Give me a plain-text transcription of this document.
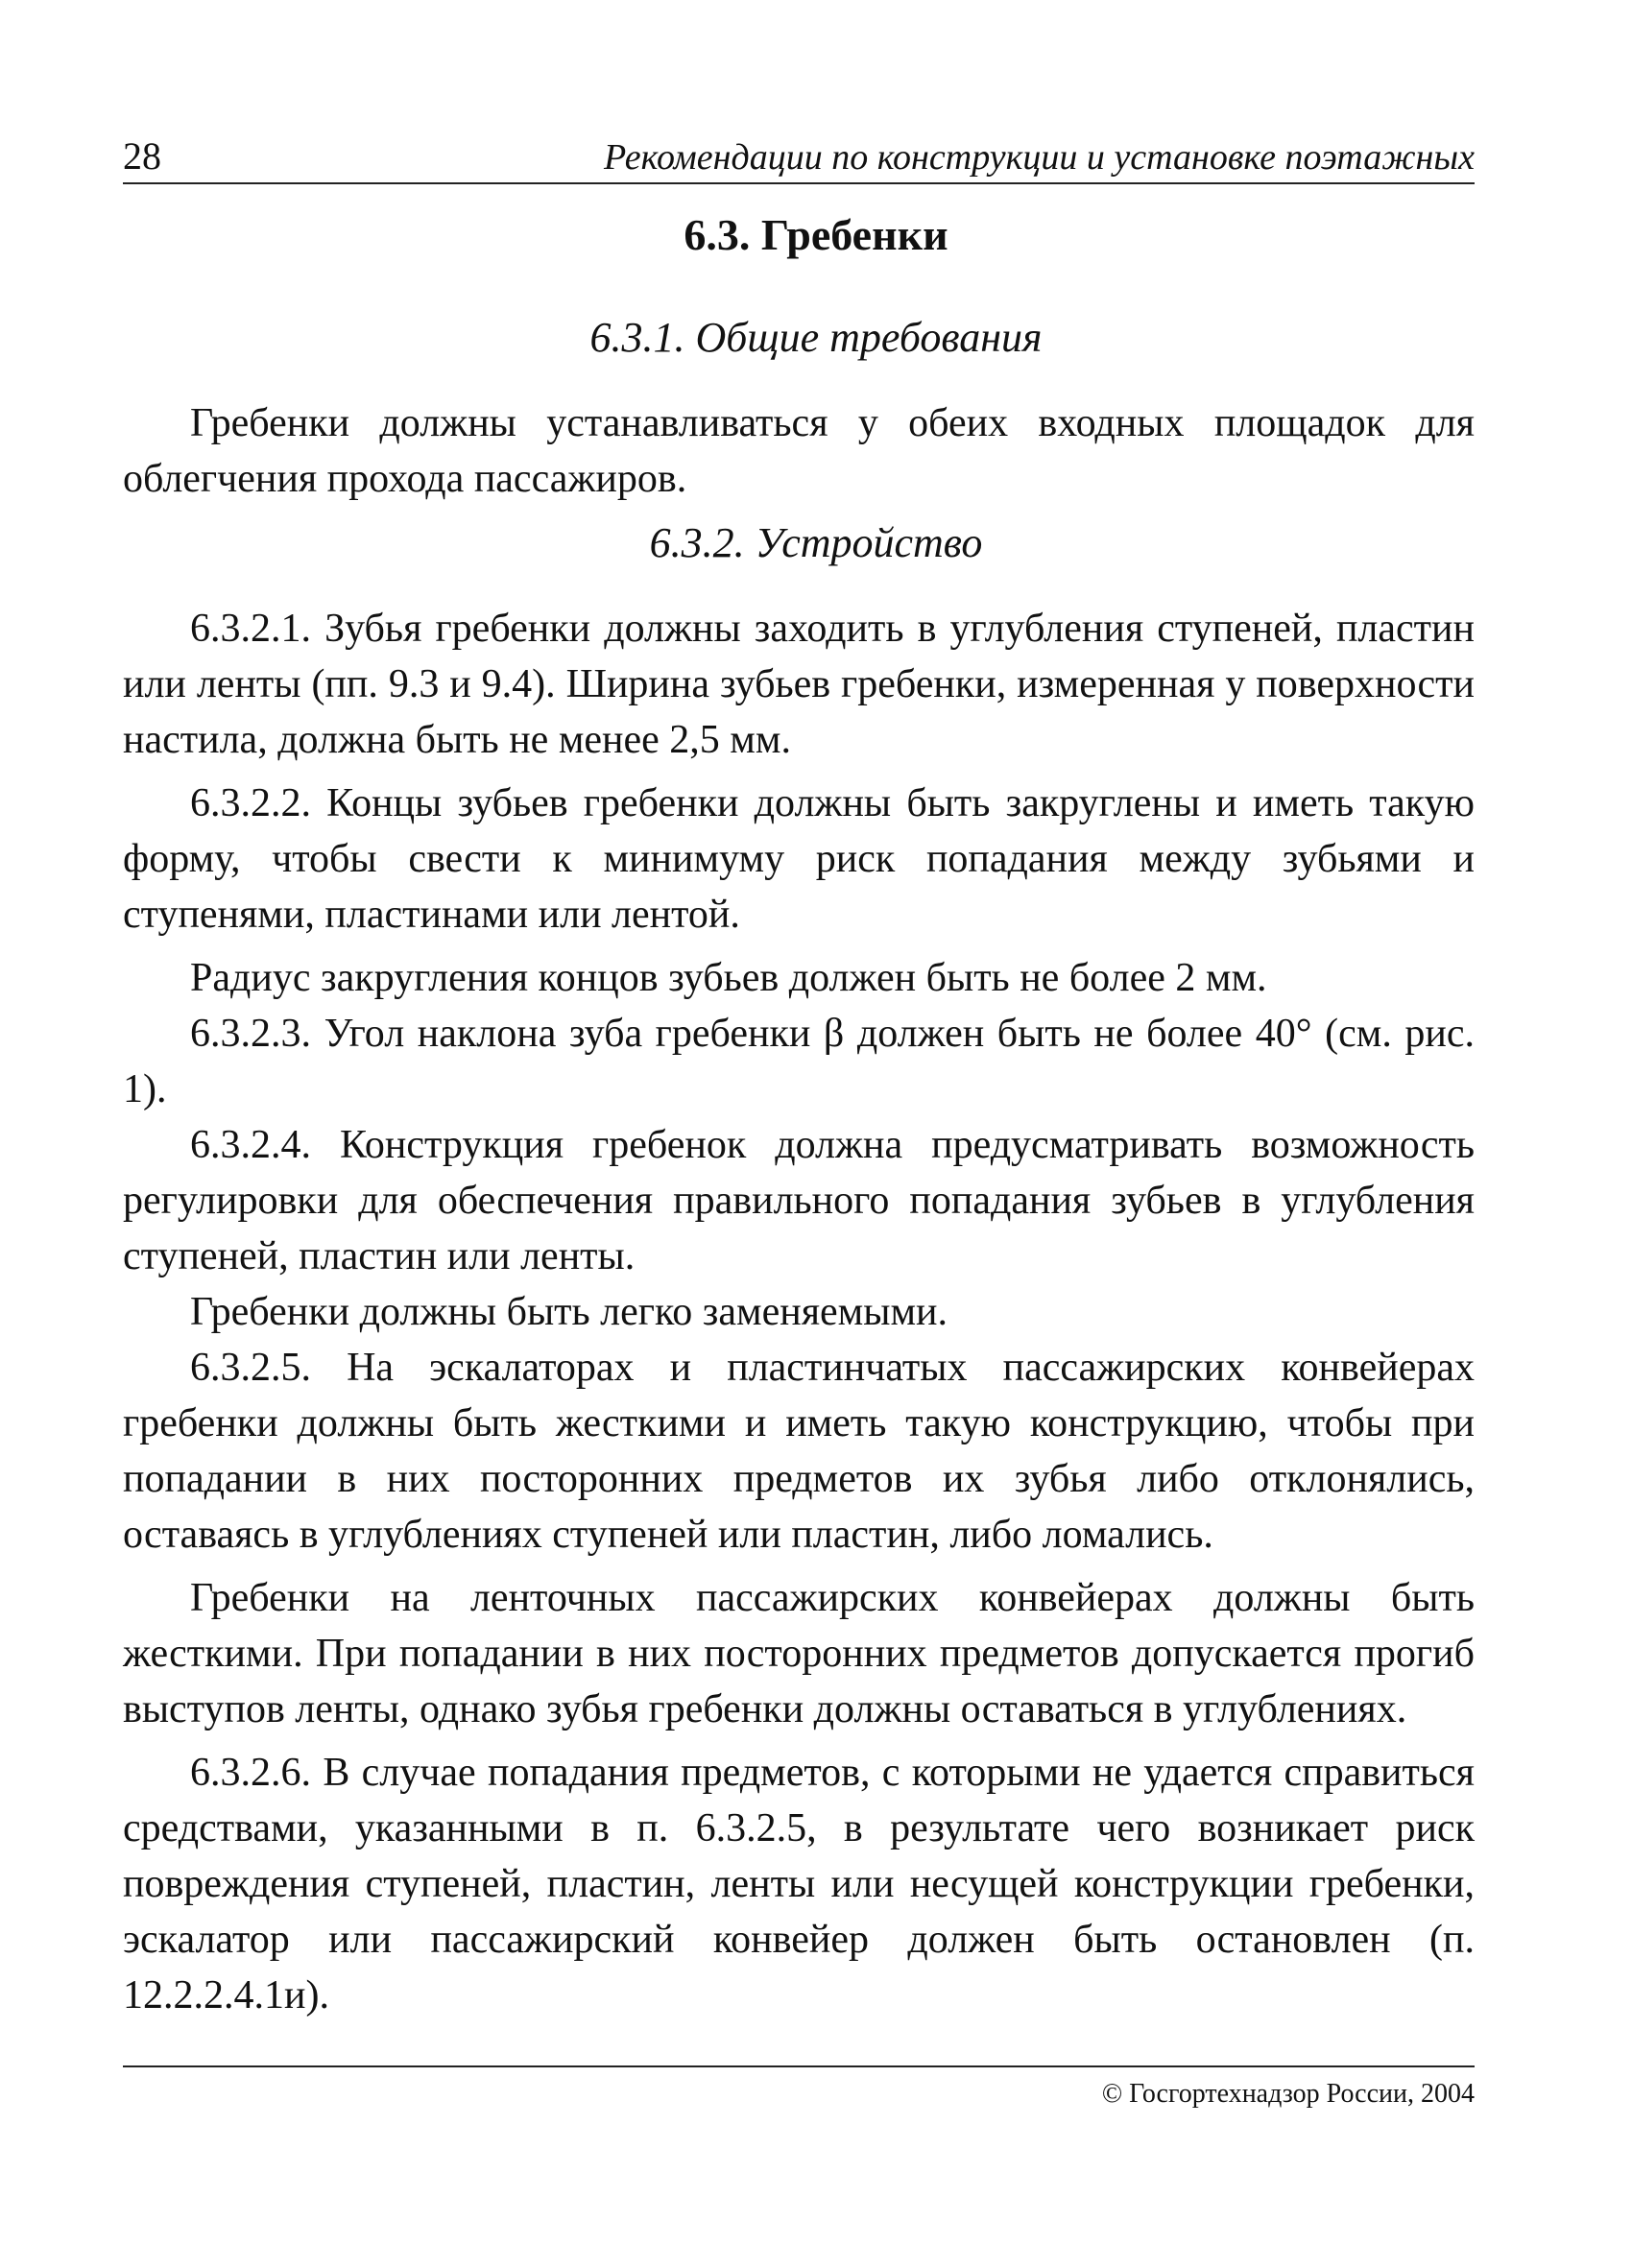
28	Рекомендации по конструкции и установке поэтажных
6.3. Гребенки
6.3.1. Общие требования

Гребенки должны устанавливаться у обеих входных площадок для облегчения прохода пассажиров.

6.3.2. Устройство

6.3.2.1. Зубья гребенки должны заходить в углубления ступеней, пластин или ленты (пп. 9.3 и 9.4). Ширина зубьев гребенки, измеренная у поверхности настила, должна быть не менее 2,5 мм.

6.3.2.2. Концы зубьев гребенки должны быть закруглены и иметь такую форму, чтобы свести к минимуму риск попадания между зубьями и ступенями, пластинами или лентой.

Радиус закругления концов зубьев должен быть не более 2 мм.

6.3.2.3. Угол наклона зуба гребенки β должен быть не более 40° (см. рис. 1).

6.3.2.4. Конструкция гребенок должна предусматривать возможность регулировки для обеспечения правильного попадания зубьев в углубления ступеней, пластин или ленты.

Гребенки должны быть легко заменяемыми.

6.3.2.5. На эскалаторах и пластинчатых пассажирских конвейерах гребенки должны быть жесткими и иметь такую конструкцию, чтобы при попадании в них посторонних предметов их зубья либо отклонялись, оставаясь в углублениях ступеней или пластин, либо ломались.

Гребенки на ленточных пассажирских конвейерах должны быть жесткими. При попадании в них посторонних предметов допускается прогиб выступов ленты, однако зубья гребенки должны оставаться в углублениях.

6.3.2.6. В случае попадания предметов, с которыми не удается справиться средствами, указанными в п. 6.3.2.5, в результате чего возникает риск повреждения ступеней, пластин, ленты или несущей конструкции гребенки, эскалатор или пассажирский конвейер должен быть остановлен (п. 12.2.2.4.1и).

© Госгортехнадзор России, 2004
